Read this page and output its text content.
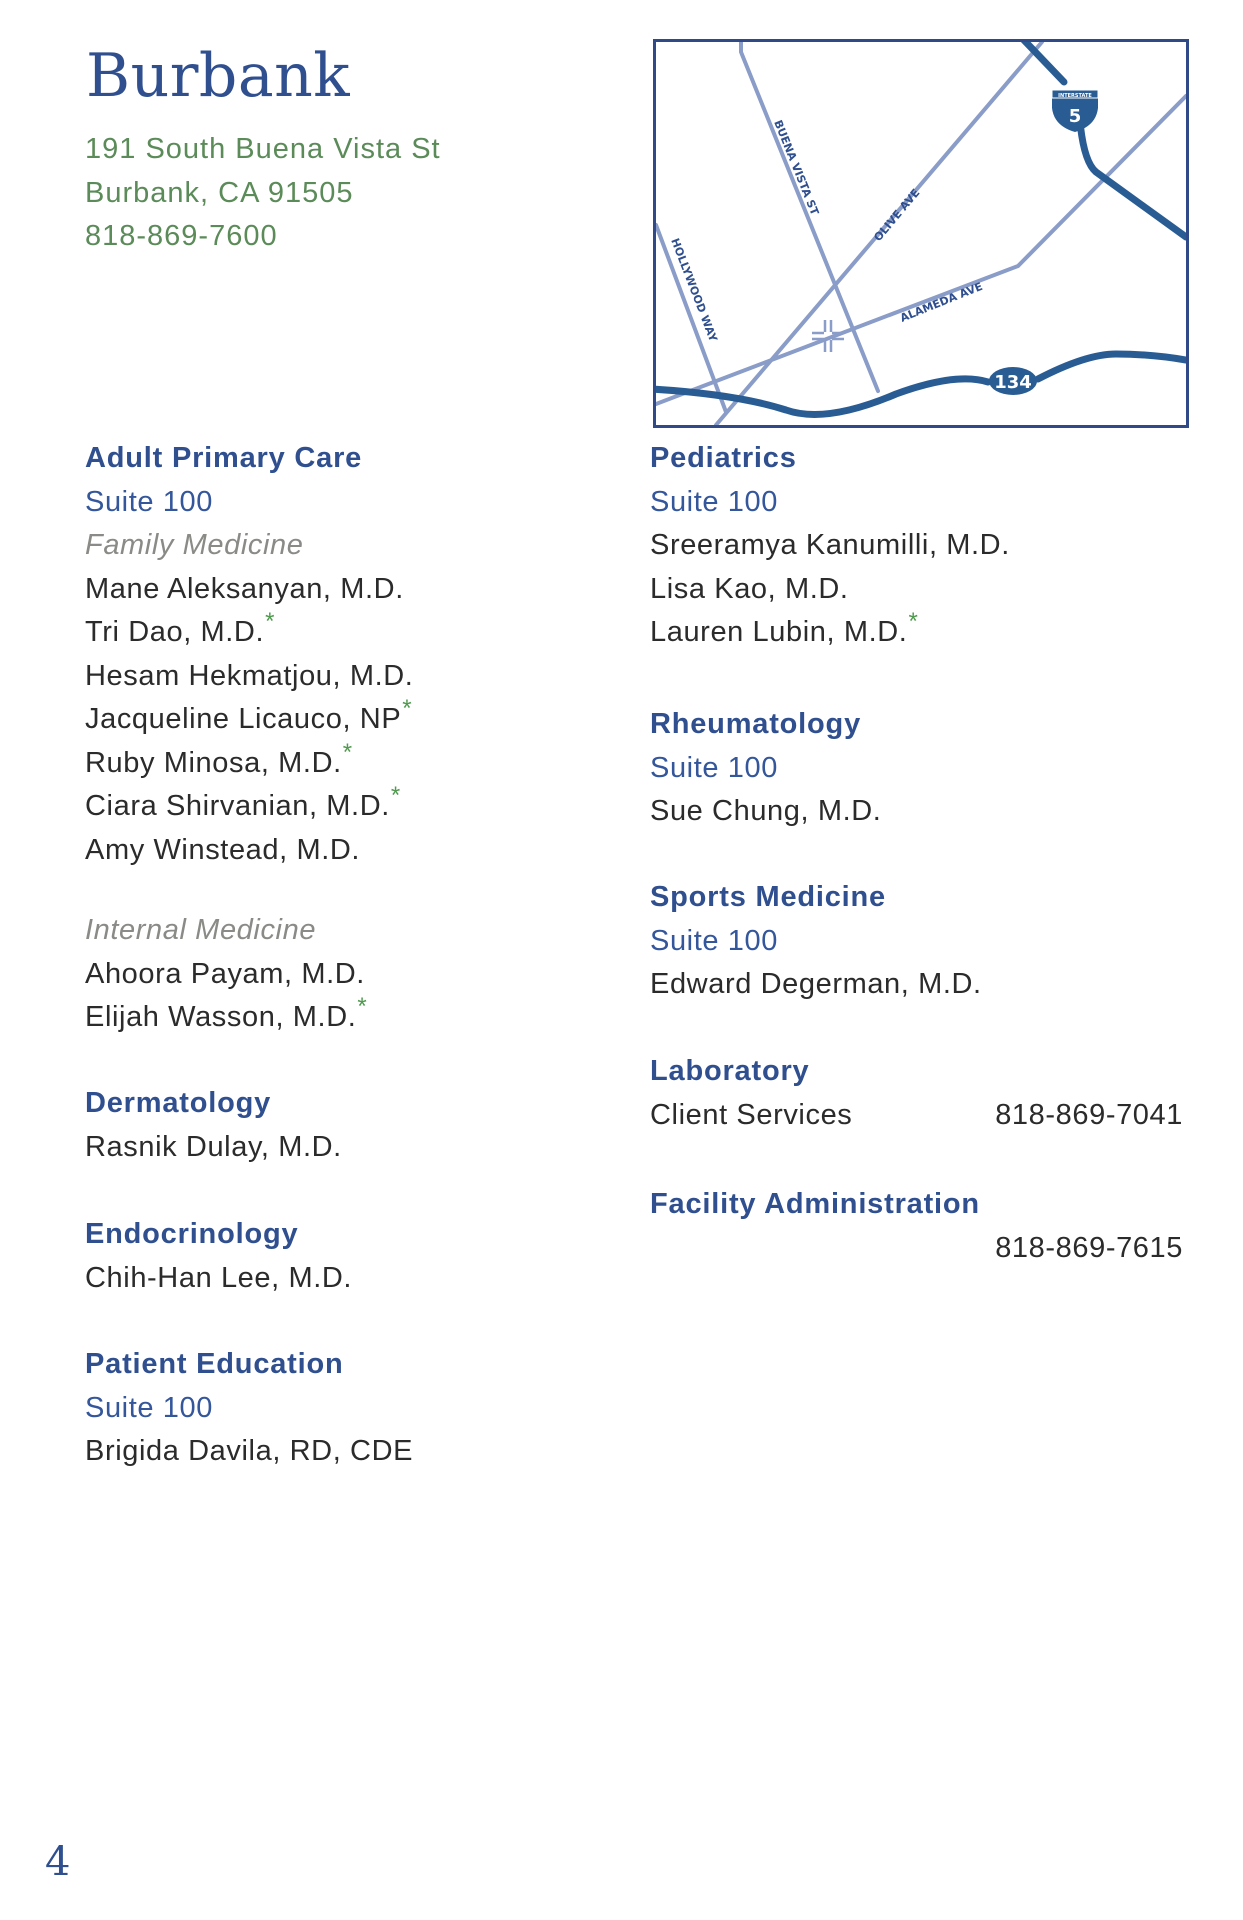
Burbank
191 South Buena Vista St
Burbank, CA 91505
818-869-7600
INTERSTATE
5
134
BUENA VISTA ST	OLIVE AVE
HOLLYWOOD WAY	ALAMEDA AVE
Adult Primary Care
Suite 100
Family Medicine
Mane Aleksanyan, M.D.
Tri Dao, M.D.*
Hesam Hekmatjou, M.D.
Jacqueline Licauco, NP*
Ruby Minosa, M.D.*
Ciara Shirvanian, M.D.*
Amy Winstead, M.D.
Internal Medicine
Ahoora Payam, M.D.
Elijah Wasson, M.D.*
Dermatology
Rasnik Dulay, M.D.
Endocrinology
Chih-Han Lee, M.D.
Patient Education
Suite 100
Brigida Davila, RD, CDE
Pediatrics
Suite 100
Sreeramya Kanumilli, M.D.
Lisa Kao, M.D.
Lauren Lubin, M.D.*
Rheumatology
Suite 100
Sue Chung, M.D.
Sports Medicine
Suite 100
Edward Degerman, M.D.
Laboratory
Client Services	818-869-7041
Facility Administration
818-869-7615
4
